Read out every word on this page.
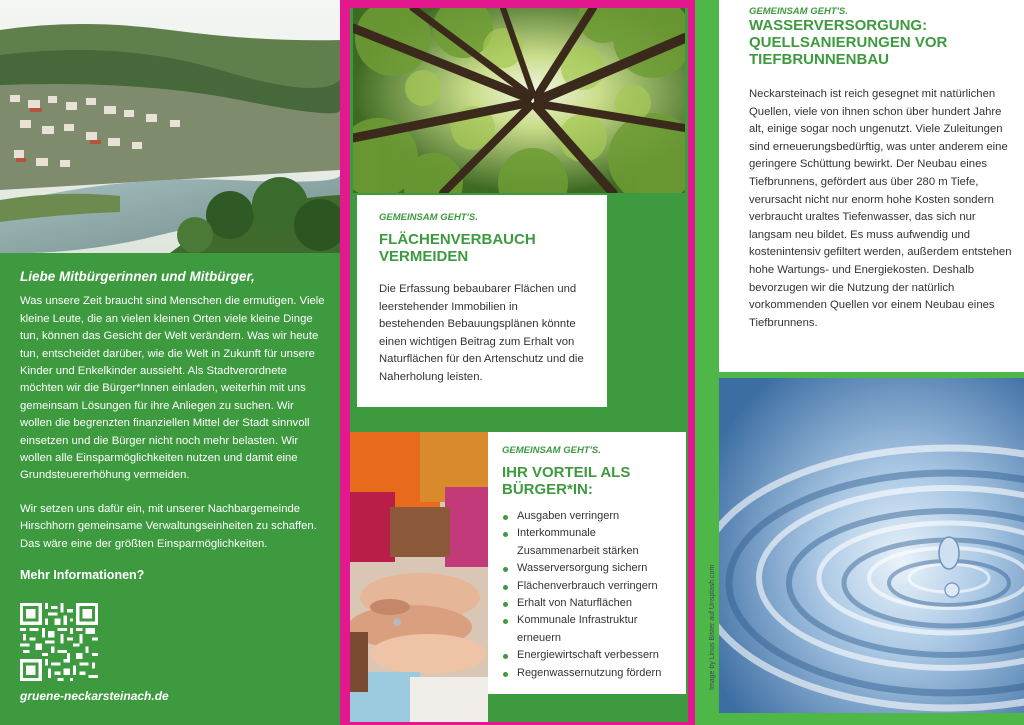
Liebe Mitbürgerinnen und Mitbürger,

Was unsere Zeit braucht sind Menschen die ermutigen. Viele kleine Leute, die an vielen kleinen Orten viele kleine Dinge tun, können das Gesicht der Welt verändern. Was wir heute tun, entscheidet darüber, wie die Welt in Zukunft für unsere Kinder und Enkelkinder aussieht. Als Stadtverordnete möchten wir die Bürger*Innen einladen, weiterhin mit uns gemeinsam Lösungen für ihre Anliegen zu suchen. Wir wollen die begrenzten finanziellen Mittel der Stadt sinnvoll einsetzen und die Bürger nicht noch mehr belasten. Wir wollen alle Einsparmöglichkeiten nutzen und damit eine Grundsteuererhöhung vermeiden.

Wir setzen uns dafür ein, mit unserer Nachbargemeinde Hirschhorn gemeinsame Verwaltungseinheiten zu schaffen. Das wäre eine der größten Einsparmöglichkeiten.

Mehr Informationen?
gruene-neckarsteinach.de
GEMEINSAM GEHT'S.
FLÄCHENVERBAUCH VERMEIDEN

Die Erfassung bebaubarer Flächen und leerstehender Immobilien in bestehenden Bebauungsplänen könnte einen wichtigen Beitrag zum Erhalt von Naturflächen für den Artenschutz und die Naherholung leisten.

GEMEINSAM GEHT'S.
IHR VORTEIL ALS BÜRGER*IN:
Ausgaben verringern
Interkommunale Zusammenarbeit stärken
Wasserversorgung sichern
Flächenverbrauch verringern
Erhalt von Naturflächen
Kommunale Infrastruktur erneuern
Energiewirtschaft verbessern
Regenwassernutzung fördern
GEMEINSAM GEHT'S.
WASSERVERSORGUNG: QUELLSANIERUNGEN VOR TIEFBRUNNENBAU

Neckarsteinach ist reich gesegnet mit natürlichen Quellen, viele von ihnen schon über hundert Jahre alt, einige sogar noch ungenutzt. Viele Zuleitungen sind erneuerungsbedürftig, was unter anderem eine geringere Schüttung bewirkt. Der Neubau eines Tiefbrunnens, gefördert aus über 280 m Tiefe, verursacht nicht nur enorm hohe Kosten sondern verbraucht uraltes Tiefenwasser, das sich nur langsam neu bildet. Es muss aufwendig und kostenintensiv gefiltert werden, außerdem entstehen hohe Wartungs- und Energiekosten. Deshalb bevorzugen wir die Nutzung der natürlich vorkommenden Quellen vor einem Neubau eines Tiefbrunnens.

Image by Linus Bister auf Unsplash.com
